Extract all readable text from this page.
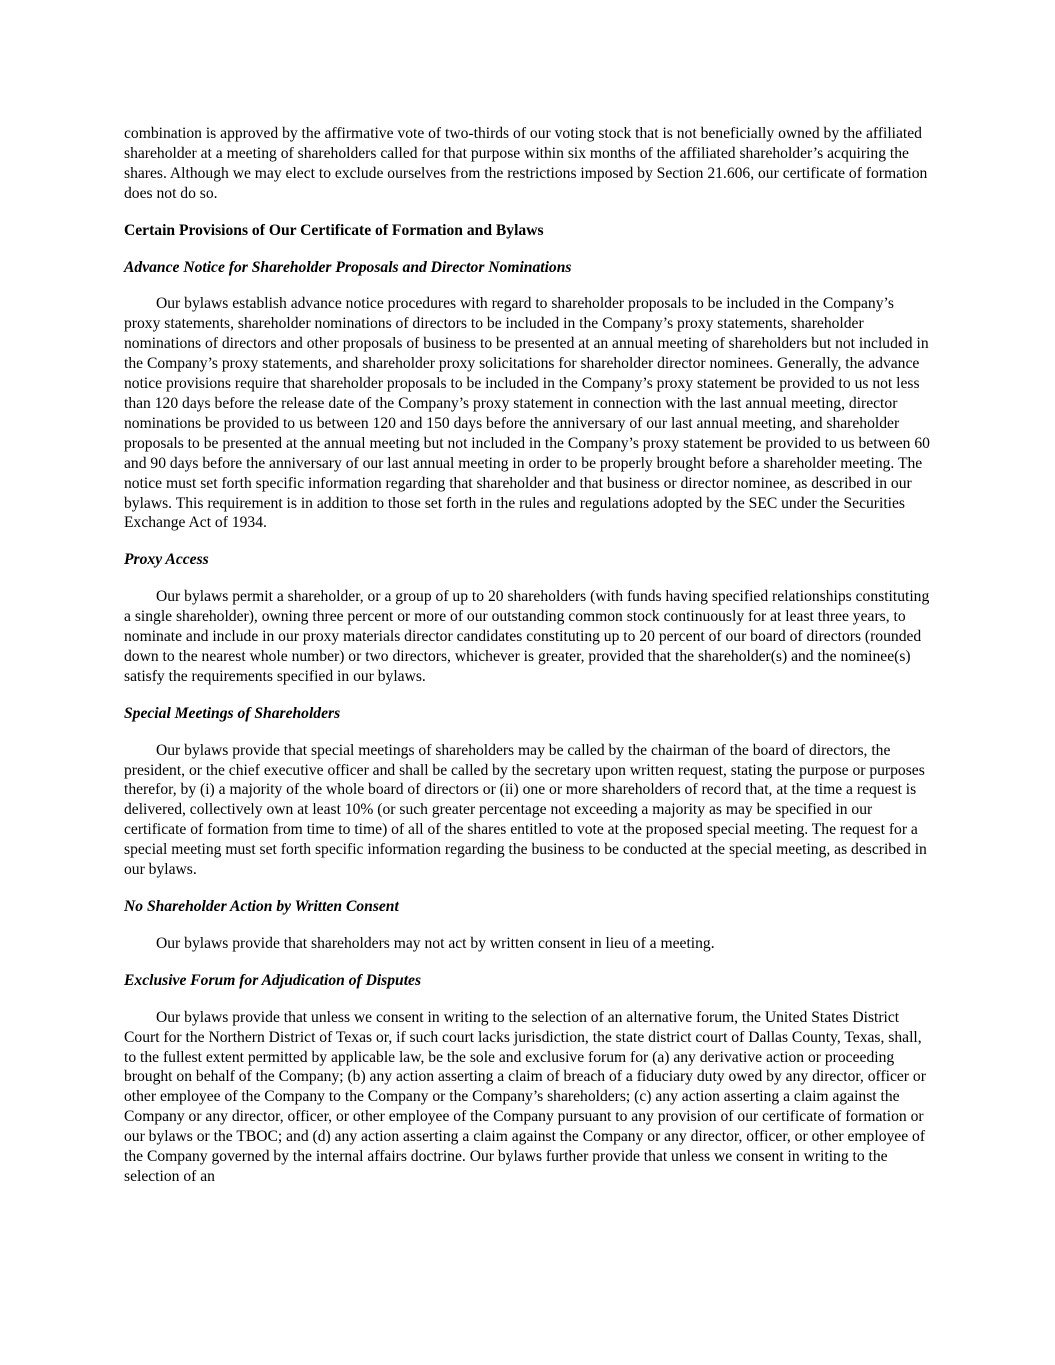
combination is approved by the affirmative vote of two-thirds of our voting stock that is not beneficially owned by the affiliated shareholder at a meeting of shareholders called for that purpose within six months of the affiliated shareholder’s acquiring the shares. Although we may elect to exclude ourselves from the restrictions imposed by Section 21.606, our certificate of formation does not do so.

Certain Provisions of Our Certificate of Formation and Bylaws

Advance Notice for Shareholder Proposals and Director Nominations

Our bylaws establish advance notice procedures with regard to shareholder proposals to be included in the Company’s proxy statements, shareholder nominations of directors to be included in the Company’s proxy statements, shareholder nominations of directors and other proposals of business to be presented at an annual meeting of shareholders but not included in the Company’s proxy statements, and shareholder proxy solicitations for shareholder director nominees. Generally, the advance notice provisions require that shareholder proposals to be included in the Company’s proxy statement be provided to us not less than 120 days before the release date of the Company’s proxy statement in connection with the last annual meeting, director nominations be provided to us between 120 and 150 days before the anniversary of our last annual meeting, and shareholder proposals to be presented at the annual meeting but not included in the Company’s proxy statement be provided to us between 60 and 90 days before the anniversary of our last annual meeting in order to be properly brought before a shareholder meeting. The notice must set forth specific information regarding that shareholder and that business or director nominee, as described in our bylaws. This requirement is in addition to those set forth in the rules and regulations adopted by the SEC under the Securities Exchange Act of 1934.

Proxy Access

Our bylaws permit a shareholder, or a group of up to 20 shareholders (with funds having specified relationships constituting a single shareholder), owning three percent or more of our outstanding common stock continuously for at least three years, to nominate and include in our proxy materials director candidates constituting up to 20 percent of our board of directors (rounded down to the nearest whole number) or two directors, whichever is greater, provided that the shareholder(s) and the nominee(s) satisfy the requirements specified in our bylaws.

Special Meetings of Shareholders

Our bylaws provide that special meetings of shareholders may be called by the chairman of the board of directors, the president, or the chief executive officer and shall be called by the secretary upon written request, stating the purpose or purposes therefor, by (i) a majority of the whole board of directors or (ii) one or more shareholders of record that, at the time a request is delivered, collectively own at least 10% (or such greater percentage not exceeding a majority as may be specified in our certificate of formation from time to time) of all of the shares entitled to vote at the proposed special meeting. The request for a special meeting must set forth specific information regarding the business to be conducted at the special meeting, as described in our bylaws.

No Shareholder Action by Written Consent

Our bylaws provide that shareholders may not act by written consent in lieu of a meeting.

Exclusive Forum for Adjudication of Disputes

Our bylaws provide that unless we consent in writing to the selection of an alternative forum, the United States District Court for the Northern District of Texas or, if such court lacks jurisdiction, the state district court of Dallas County, Texas, shall, to the fullest extent permitted by applicable law, be the sole and exclusive forum for (a) any derivative action or proceeding brought on behalf of the Company; (b) any action asserting a claim of breach of a fiduciary duty owed by any director, officer or other employee of the Company to the Company or the Company’s shareholders; (c) any action asserting a claim against the Company or any director, officer, or other employee of the Company pursuant to any provision of our certificate of formation or our bylaws or the TBOC; and (d) any action asserting a claim against the Company or any director, officer, or other employee of the Company governed by the internal affairs doctrine. Our bylaws further provide that unless we consent in writing to the selection of an
